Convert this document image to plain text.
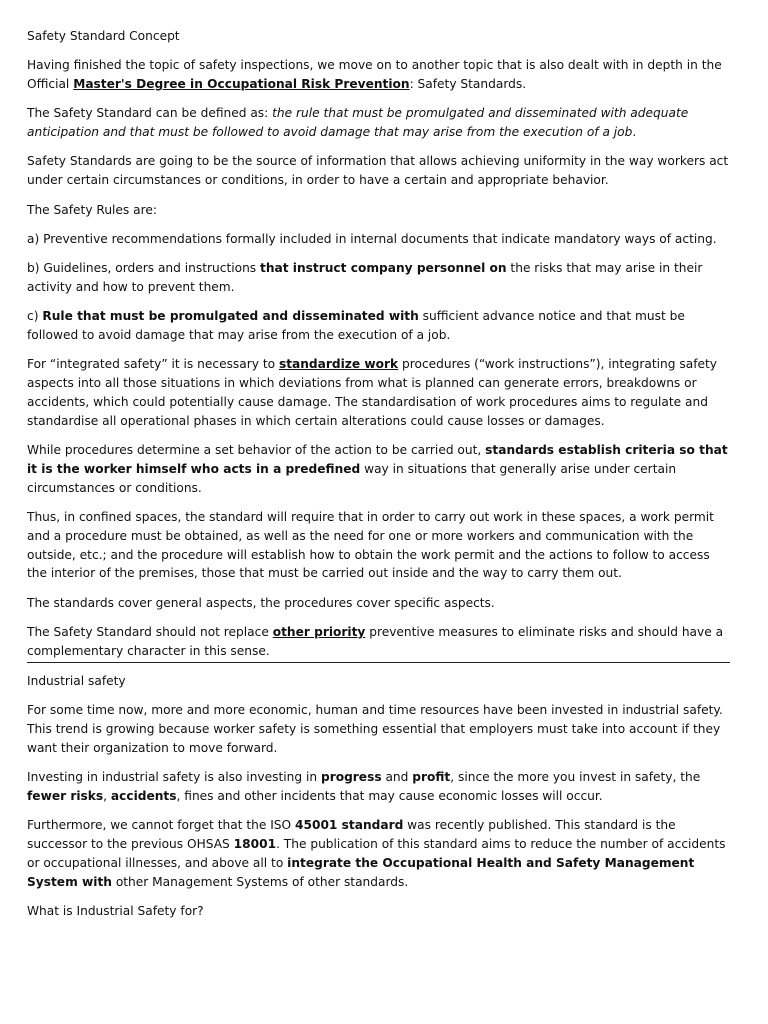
Safety Standard Concept

Having finished the topic of safety inspections, we move on to another topic that is also dealt with in depth in the Official Master's Degree in Occupational Risk Prevention: Safety Standards.

The Safety Standard can be defined as: the rule that must be promulgated and disseminated with adequate anticipation and that must be followed to avoid damage that may arise from the execution of a job.

Safety Standards are going to be the source of information that allows achieving uniformity in the way workers act under certain circumstances or conditions, in order to have a certain and appropriate behavior.

The Safety Rules are:

a) Preventive recommendations formally included in internal documents that indicate mandatory ways of acting.

b) Guidelines, orders and instructions that instruct company personnel on the risks that may arise in their activity and how to prevent them.

c) Rule that must be promulgated and disseminated with sufficient advance notice and that must be followed to avoid damage that may arise from the execution of a job.

For “integrated safety” it is necessary to standardize work procedures (“work instructions”), integrating safety aspects into all those situations in which deviations from what is planned can generate errors, breakdowns or accidents, which could potentially cause damage. The standardisation of work procedures aims to regulate and standardise all operational phases in which certain alterations could cause losses or damages.

While procedures determine a set behavior of the action to be carried out, standards establish criteria so that it is the worker himself who acts in a predefined way in situations that generally arise under certain circumstances or conditions.

Thus, in confined spaces, the standard will require that in order to carry out work in these spaces, a work permit and a procedure must be obtained, as well as the need for one or more workers and communication with the outside, etc.; and the procedure will establish how to obtain the work permit and the actions to follow to access the interior of the premises, those that must be carried out inside and the way to carry them out.

The standards cover general aspects, the procedures cover specific aspects.

The Safety Standard should not replace other priority preventive measures to eliminate risks and should have a complementary character in this sense.

Industrial safety

For some time now, more and more economic, human and time resources have been invested in industrial safety. This trend is growing because worker safety is something essential that employers must take into account if they want their organization to move forward.

Investing in industrial safety is also investing in progress and profit, since the more you invest in safety, the fewer risks, accidents, fines and other incidents that may cause economic losses will occur.

Furthermore, we cannot forget that the ISO 45001 standard was recently published. This standard is the successor to the previous OHSAS 18001. The publication of this standard aims to reduce the number of accidents or occupational illnesses, and above all to integrate the Occupational Health and Safety Management System with other Management Systems of other standards.

What is Industrial Safety for?
